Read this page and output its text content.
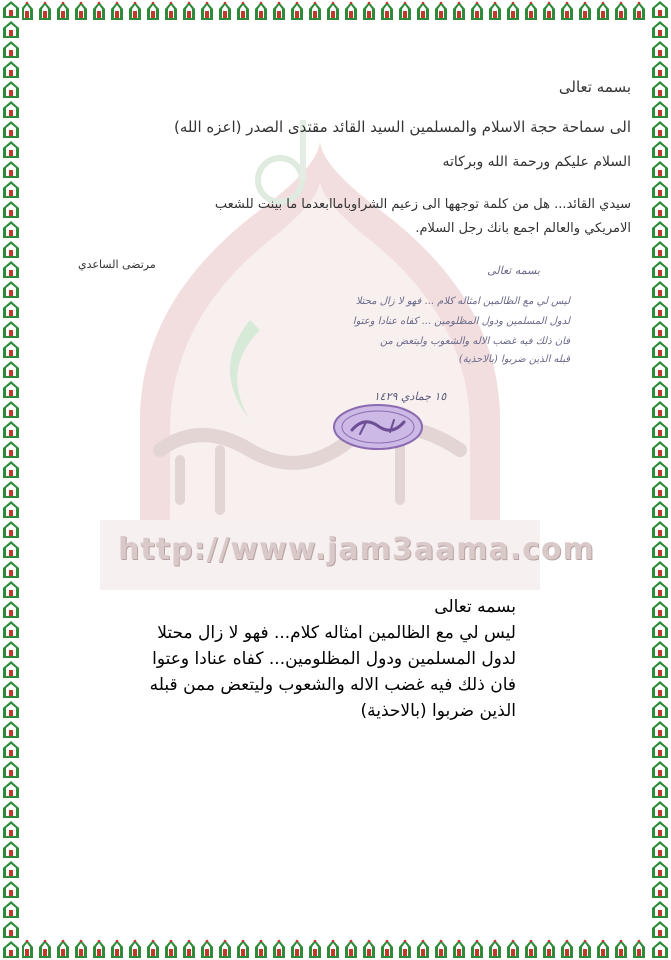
بسمه تعالى
الى سماحة حجة الاسلام والمسلمين السيد القائد مقتدى الصدر (اعزه الله)
السلام عليكم ورحمة الله وبركاته
سيدي القائد... هل من كلمة توجهها الى زعيم الشراوباماابعدما ما بينت للشعب
الامريكي والعالم اجمع بانك رجل السلام.
مرتضى الساعدي	بسمه تعالى
ليس لي مع الظالمين امثاله كلام ... فهو لا زال محتلا
لدول المسلمين ودول المظلومين ... كفاه عنادا وعتوا
فان ذلك فيه غضب الاله والشعوب وليتعض من
قبله الذين ضربوا (بالاحذية)
١٥ جمادي ١٤٢٩
http://www.jam3aama.com
بسمه تعالى
ليس لي مع الظالمين امثاله كلام... فهو لا زال محتلا
لدول المسلمين ودول المظلومين... كفاه عنادا وعتوا
فان ذلك فيه غضب الاله والشعوب وليتعض ممن قبله
الذين ضربوا (بالاحذية)
